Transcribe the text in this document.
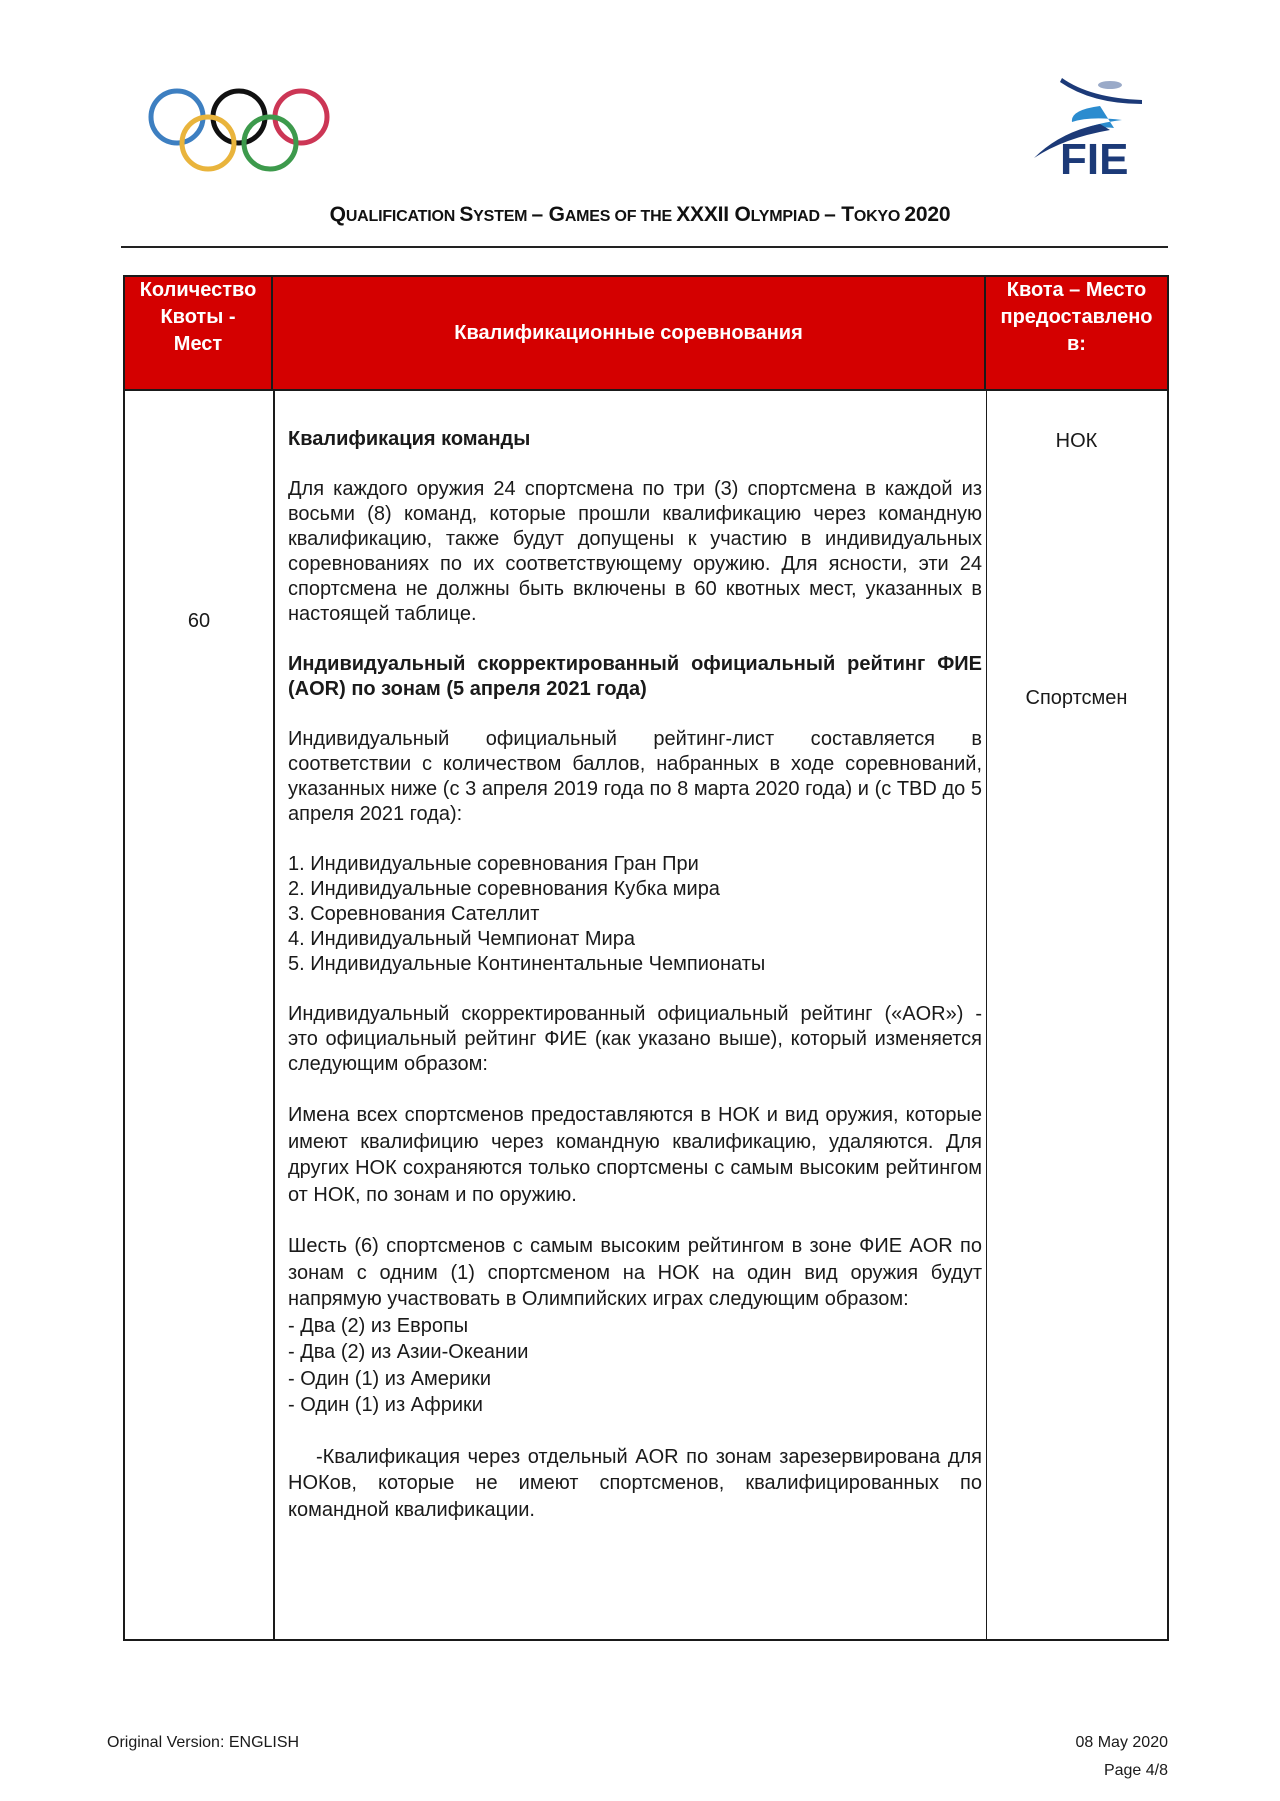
FIE
QUALIFICATION SYSTEM – GAMES OF THE XXXII OLYMPIAD – TOKYO 2020
Количество
Квоты -
Мест
Квалификационные соревнования
Квота – Место
предоставлено
в:
60
НОК
Спортсмен

Квалификация команды

Для каждого оружия 24 спортсмена по три (3) спортсмена в каждой из восьми (8) команд, которые прошли квалификацию через командную квалификацию, также будут допущены к участию в индивидуальных соревнованиях по их соответствующему оружию. Для ясности, эти 24 спортсмена не должны быть включены в 60 квотных мест, указанных в настоящей таблице.

Индивидуальный скорректированный официальный рейтинг ФИЕ (AOR) по зонам (5 апреля 2021 года)

Индивидуальный официальный рейтинг-лист составляется в соответствии с количеством баллов, набранных в ходе соревнований, указанных ниже (с 3 апреля 2019 года по 8 марта 2020 года) и (с TBD до 5 апреля 2021 года):

1. Индивидуальные соревнования Гран При
2. Индивидуальные соревнования Кубка мира
3. Соревнования Сателлит
4. Индивидуальный Чемпионат Мира
5. Индивидуальные Континентальные Чемпионаты

Индивидуальный скорректированный официальный рейтинг («AOR») - это официальный рейтинг ФИЕ (как указано выше), который изменяется следующим образом:

Имена всех спортсменов предоставляются в НОК и вид оружия, которые имеют квалифицию через командную квалификацию, удаляются. Для других НОК сохраняются только спортсмены с самым высоким рейтингом от НОК, по зонам и по оружию.

Шесть (6) спортсменов с самым высоким рейтингом в зоне ФИЕ AOR по зонам с одним (1) спортсменом на НОК на один вид оружия будут напрямую участвовать в Олимпийских играх следующим образом:

- Два (2) из Европы
- Два (2) из Азии-Океании
- Один (1) из Америки
- Один (1) из Африки

-Квалификация через отдельный AOR по зонам зарезервирована для НОКов, которые не имеют спортсменов, квалифицированных по командной квалификации.

Original Version: ENGLISH	08 May 2020
Page 4/8
